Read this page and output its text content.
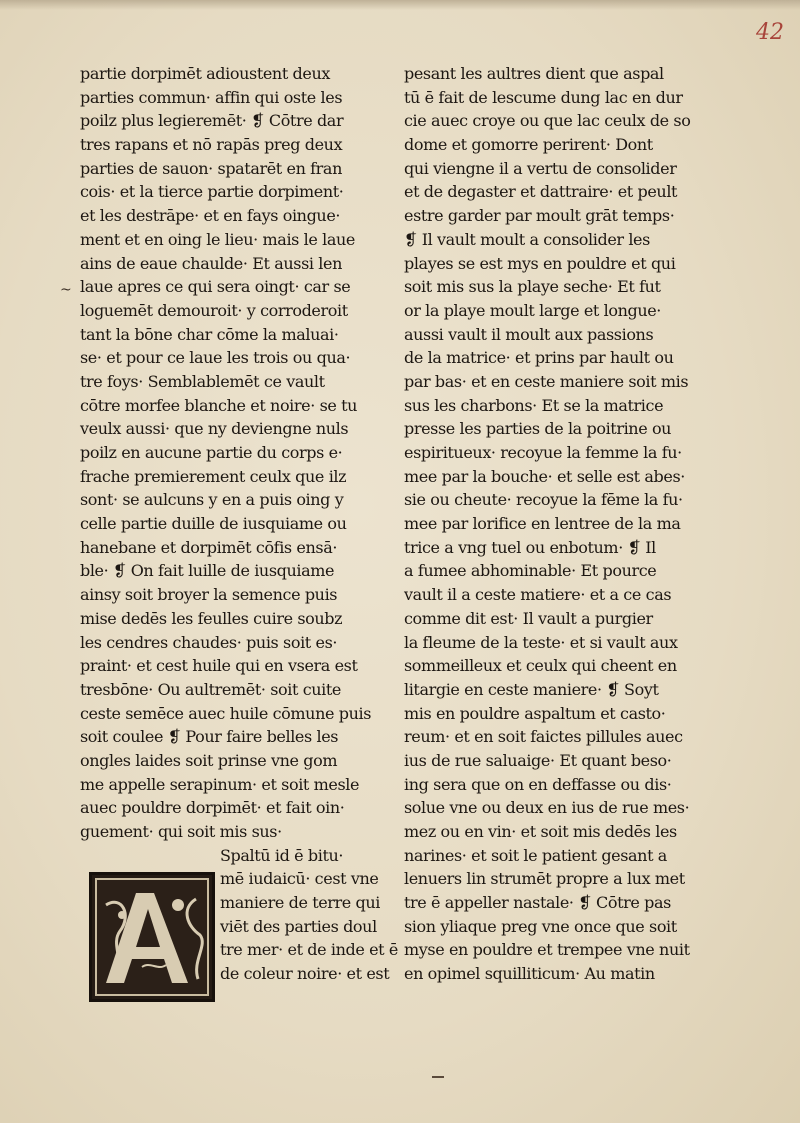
42
~
partie dorpimēt adioustent deux
parties commun· affin qui oste les
poilz plus legieremēt· ❡ Cōtre dar
tres rapans et nō rapās preg deux
parties de sauon· spatarēt en fran
cois· et la tierce partie dorpiment·
et les destrāpe· et en fays oingue·
ment et en oing le lieu· mais le laue
ains de eaue chaulde· Et aussi len
laue apres ce qui sera oingt· car se
loguemēt demouroit· y corroderoit
tant la bōne char cōme la maluai·
se· et pour ce laue les trois ou qua·
tre foys· Semblablemēt ce vault
cōtre morfee blanche et noire· se tu
veulx aussi· que ny deviengne nuls
poilz en aucune partie du corps e·
frache premierement ceulx que ilz
sont· se aulcuns y en a puis oing y
celle partie duille de iusquiame ou
hanebane et dorpimēt cōfis ensā·
ble· ❡ On fait luille de iusquiame
ainsy soit broyer la semence puis
mise dedēs les feulles cuire soubz
les cendres chaudes· puis soit es·
praint· et cest huile qui en vsera est
tresbōne· Ou aultremēt· soit cuite
ceste semēce auec huile cōmune puis
soit coulee ❡ Pour faire belles les
ongles laides soit prinse vne gom
me appelle serapinum· et soit mesle
auec pouldre dorpimēt· et fait oin·
guement· qui soit mis sus·
Spaltū id ē bitu·
mē iudaicū· cest vne
maniere de terre qui
viēt des parties doul
tre mer· et de inde et ē
de coleur noire· et est
pesant les aultres dient que aspal
tū ē fait de lescume dung lac en dur
cie auec croye ou que lac ceulx de so
dome et gomorre perirent· Dont
qui viengne il a vertu de consolider
et de degaster et dattraire· et peult
estre garder par moult grāt temps·
❡ Il vault moult a consolider les
playes se est mys en pouldre et qui
soit mis sus la playe seche· Et fut
or la playe moult large et longue·
aussi vault il moult aux passions
de la matrice· et prins par hault ou
par bas· et en ceste maniere soit mis
sus les charbons· Et se la matrice
presse les parties de la poitrine ou
espiritueux· recoyue la femme la fu·
mee par la bouche· et selle est abes·
sie ou cheute· recoyue la fēme la fu·
mee par lorifice en lentree de la ma
trice a vng tuel ou enbotum· ❡ Il
a fumee abhominable· Et pource
vault il a ceste matiere· et a ce cas
comme dit est· Il vault a purgier
la fleume de la teste· et si vault aux
sommeilleux et ceulx qui cheent en
litargie en ceste maniere· ❡ Soyt
mis en pouldre aspaltum et casto·
reum· et en soit faictes pillules auec
ius de rue saluaige· Et quant beso·
ing sera que on en deffasse ou dis·
solue vne ou deux en ius de rue mes·
mez ou en vin· et soit mis dedēs les
narines· et soit le patient gesant a
lenuers lin strumēt propre a lux met
tre ē appeller nastale· ❡ Cōtre pas
sion yliaque preg vne once que soit
myse en pouldre et trempee vne nuit
en opimel squilliticum· Au matin
